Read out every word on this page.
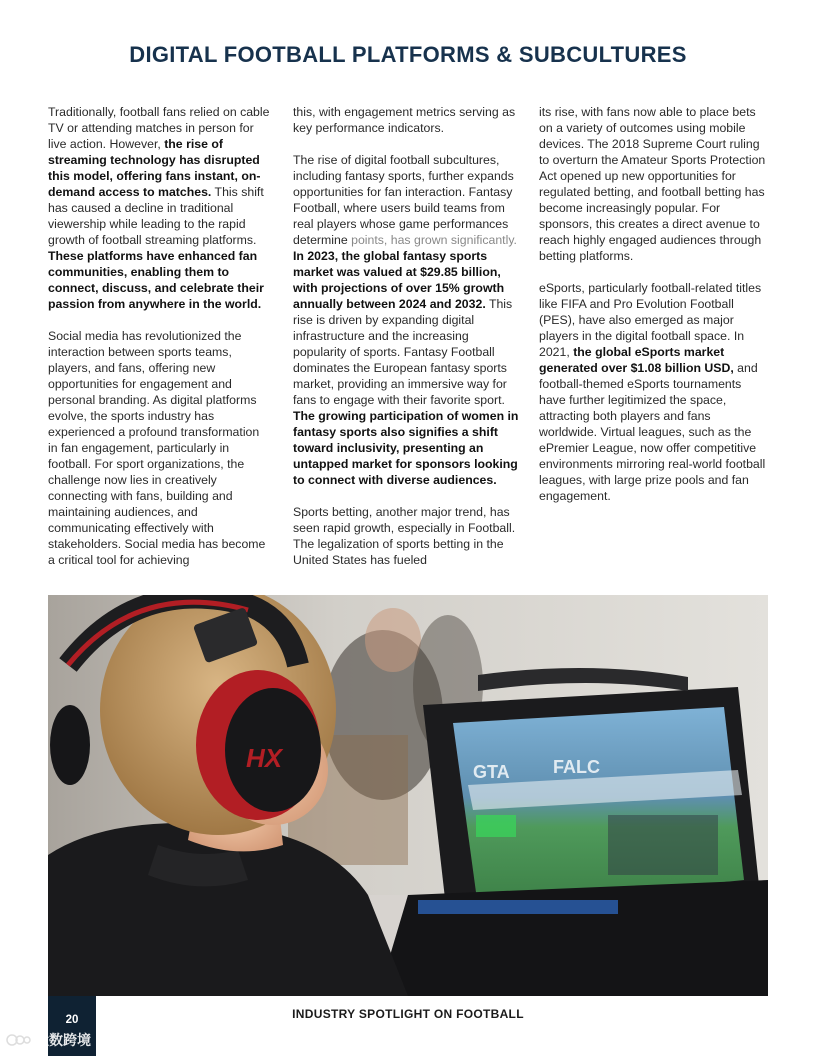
DIGITAL FOOTBALL PLATFORMS & SUBCULTURES

Traditionally, football fans relied on cable TV or attending matches in person for live action. However, the rise of streaming technology has disrupted this model, offering fans instant, on-demand access to matches. This shift has caused a decline in traditional viewership while leading to the rapid growth of football streaming platforms. These platforms have enhanced fan communities, enabling them to connect, discuss, and celebrate their passion from anywhere in the world.

Social media has revolutionized the interaction between sports teams, players, and fans, offering new opportunities for engagement and personal branding. As digital platforms evolve, the sports industry has experienced a profound transformation in fan engagement, particularly in football. For sport organizations, the challenge now lies in creatively connecting with fans, building and maintaining audiences, and communicating effectively with stakeholders. Social media has become a critical tool for achieving

this, with engagement metrics serving as key performance indicators.

The rise of digital football subcultures, including fantasy sports, further expands opportunities for fan interaction. Fantasy Football, where users build teams from real players whose game performances determine points, has grown significantly. In 2023, the global fantasy sports market was valued at $29.85 billion, with projections of over 15% growth annually between 2024 and 2032. This rise is driven by expanding digital infrastructure and the increasing popularity of sports. Fantasy Football dominates the European fantasy sports market, providing an immersive way for fans to engage with their favorite sport. The growing participation of women in fantasy sports also signifies a shift toward inclusivity, presenting an untapped market for sponsors looking to connect with diverse audiences.

Sports betting, another major trend, has seen rapid growth, especially in Football. The legalization of sports betting in the United States has fueled

its rise, with fans now able to place bets on a variety of outcomes using mobile devices. The 2018 Supreme Court ruling to overturn the Amateur Sports Protection Act opened up new opportunities for regulated betting, and football betting has become increasingly popular. For sponsors, this creates a direct avenue to reach highly engaged audiences through betting platforms.

eSports, particularly football-related titles like FIFA and Pro Evolution Football (PES), have also emerged as major players in the digital football space. In 2021, the global eSports market generated over $1.08 billion USD, and football-themed eSports tournaments have further legitimized the space, attracting both players and fans worldwide. Virtual leagues, such as the ePremier League, now offer competitive environments mirroring real-world football leagues, with large prize pools and fan engagement.

GTA FALC
HX
INDUSTRY SPOTLIGHT ON FOOTBALL
20
大数跨境
